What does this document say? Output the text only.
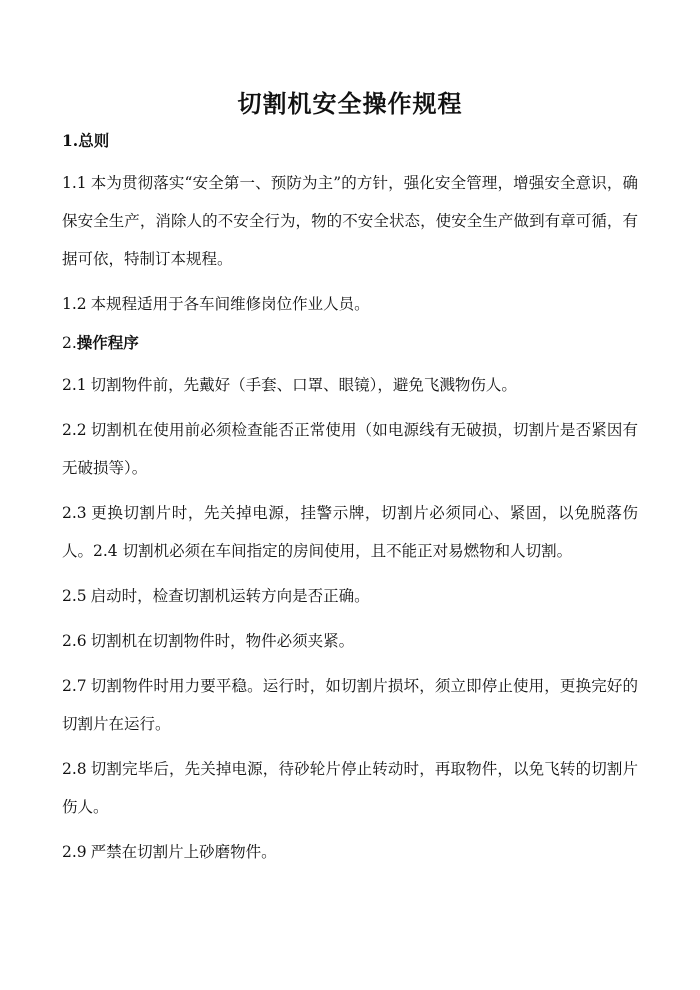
切割机安全操作规程
1.总则

1.1 本为贯彻落实“安全第一、预防为主”的方针，强化安全管理，增强安全意识，确保安全生产，消除人的不安全行为，物的不安全状态，使安全生产做到有章可循，有据可依，特制订本规程。

1.2 本规程适用于各车间维修岗位作业人员。

2.操作程序

2.1 切割物件前，先戴好（手套、口罩、眼镜），避免飞溅物伤人。

2.2 切割机在使用前必须检查能否正常使用（如电源线有无破损，切割片是否紧因有无破损等）。

2.3 更换切割片时，先关掉电源，挂警示牌，切割片必须同心、紧固，以免脱落伤人。2.4 切割机必须在车间指定的房间使用，且不能正对易燃物和人切割。

2.5 启动时，检查切割机运转方向是否正确。

2.6 切割机在切割物件时，物件必须夹紧。

2.7 切割物件时用力要平稳。运行时，如切割片损坏，须立即停止使用，更换完好的切割片在运行。

2.8 切割完毕后，先关掉电源，待砂轮片停止转动时，再取物件，以免飞转的切割片伤人。

2.9 严禁在切割片上砂磨物件。
